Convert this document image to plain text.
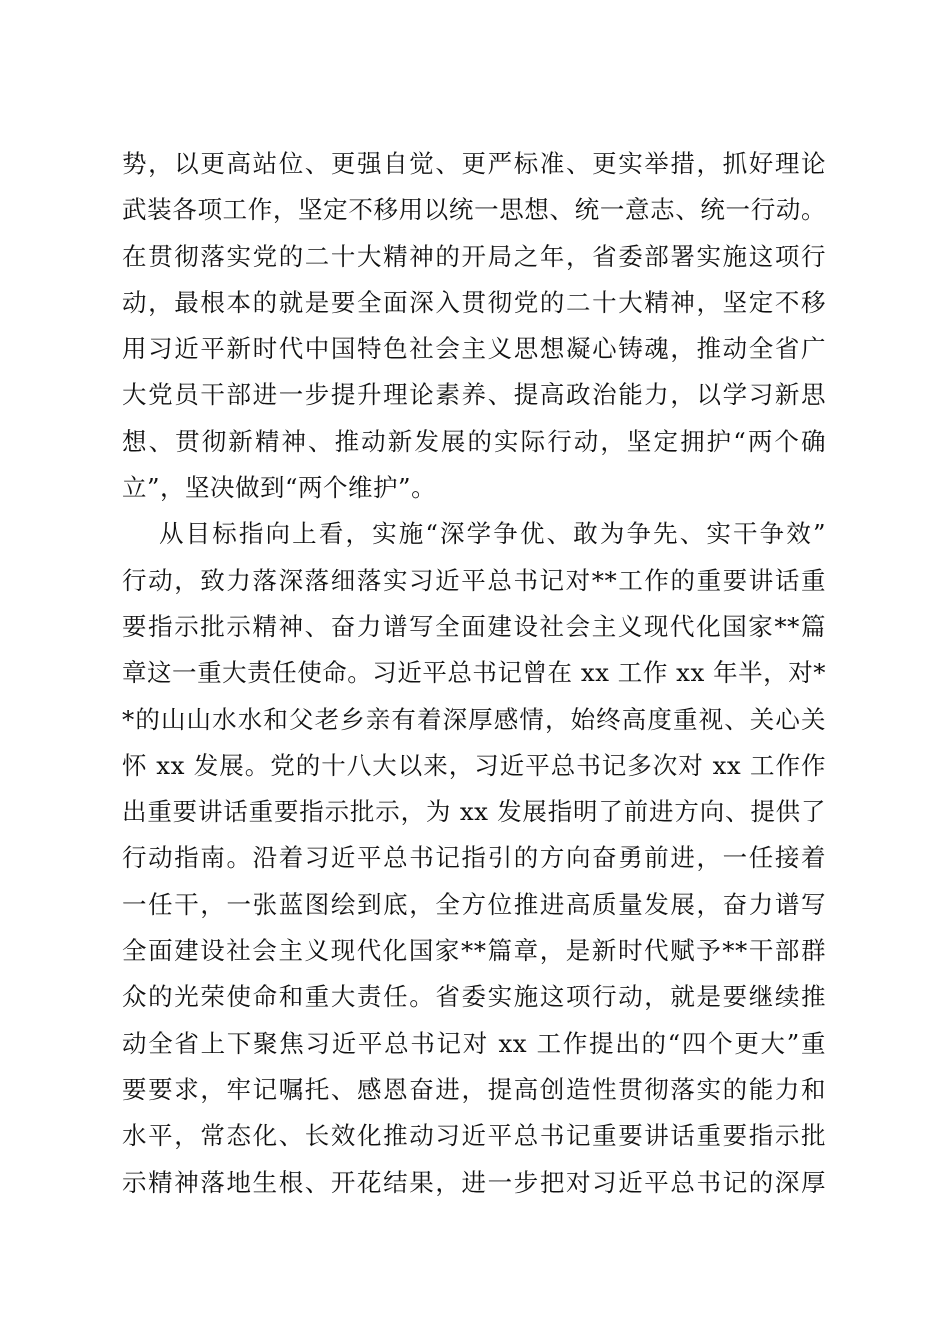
势，以更高站位、更强自觉、更严标准、更实举措，抓好理论
武装各项工作，坚定不移用以统一思想、统一意志、统一行动。
在贯彻落实党的二十大精神的开局之年，省委部署实施这项行
动，最根本的就是要全面深入贯彻党的二十大精神，坚定不移
用习近平新时代中国特色社会主义思想凝心铸魂，推动全省广
大党员干部进一步提升理论素养、提高政治能力，以学习新思
想、贯彻新精神、推动新发展的实际行动，坚定拥护“两个确
立”，坚决做到“两个维护”。
从目标指向上看，实施“深学争优、敢为争先、实干争效”
行动，致力落深落细落实习近平总书记对**工作的重要讲话重
要指示批示精神、奋力谱写全面建设社会主义现代化国家**篇
章这一重大责任使命。习近平总书记曾在 xx 工作 xx 年半，对*
*的山山水水和父老乡亲有着深厚感情，始终高度重视、关心关
怀 xx 发展。党的十八大以来，习近平总书记多次对 xx 工作作
出重要讲话重要指示批示，为 xx 发展指明了前进方向、提供了
行动指南。沿着习近平总书记指引的方向奋勇前进，一任接着
一任干，一张蓝图绘到底，全方位推进高质量发展，奋力谱写
全面建设社会主义现代化国家**篇章，是新时代赋予**干部群
众的光荣使命和重大责任。省委实施这项行动，就是要继续推
动全省上下聚焦习近平总书记对 xx 工作提出的“四个更大”重
要要求，牢记嘱托、感恩奋进，提高创造性贯彻落实的能力和
水平，常态化、长效化推动习近平总书记重要讲话重要指示批
示精神落地生根、开花结果，进一步把对习近平总书记的深厚
